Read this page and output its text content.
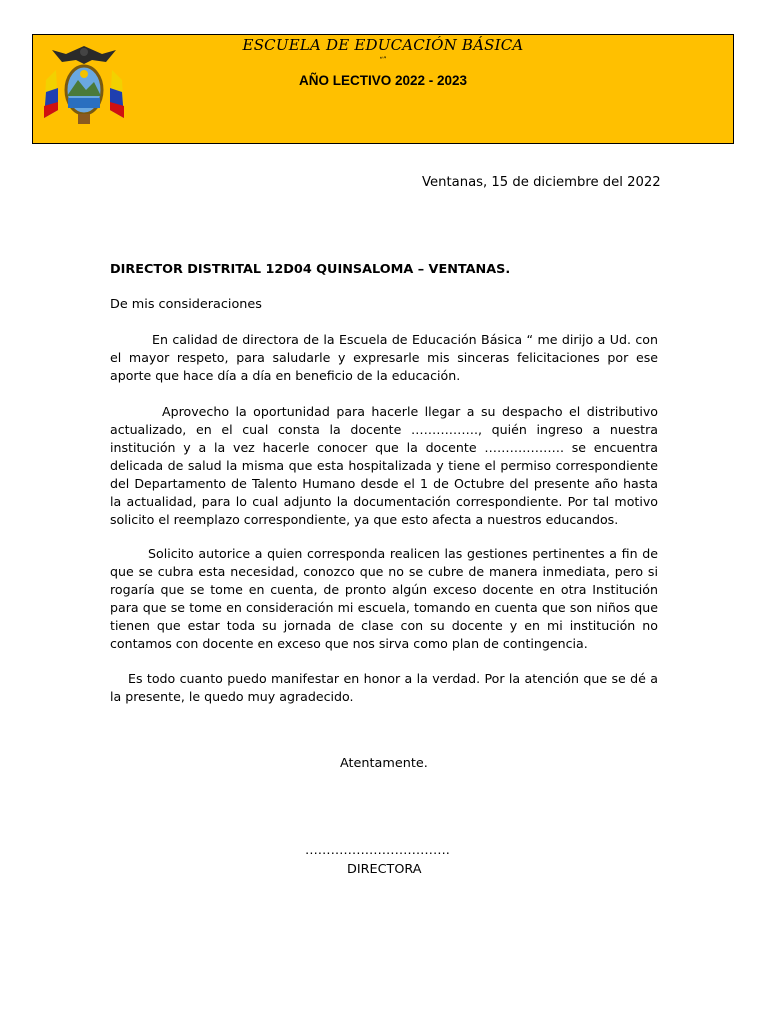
ESCUELA DE EDUCACIÓN BÁSICA
“”
AÑO LECTIVO 2022 - 2023
Ventanas, 15 de diciembre del 2022
DIRECTOR DISTRITAL 12D04 QUINSALOMA – VENTANAS.
De mis consideraciones

En calidad de directora de la Escuela de Educación Básica “ me dirijo a Ud. con el mayor respeto, para saludarle y expresarle mis sinceras felicitaciones por ese aporte que hace día a día en beneficio de la educación.

Aprovecho la oportunidad para hacerle llegar a su despacho el distributivo actualizado, en el cual consta la docente ……………., quién ingreso a nuestra institución y a la vez hacerle conocer que la docente ………………. se encuentra delicada de salud la misma que esta hospitalizada y tiene el permiso correspondiente del Departamento de Talento Humano desde el 1 de Octubre del presente año hasta la actualidad, para lo cual adjunto la documentación correspondiente. Por tal motivo solicito el reemplazo correspondiente, ya que esto afecta a nuestros educandos.

Solicito autorice a quien corresponda realicen las gestiones pertinentes a fin de que se cubra esta necesidad, conozco que no se cubre de manera inmediata, pero si rogaría que se tome en cuenta, de pronto algún exceso docente en otra Institución para que se tome en consideración mi escuela, tomando en cuenta que son niños que tienen que estar toda su jornada de clase con su docente y en mi institución no contamos con docente en exceso que nos sirva como plan de contingencia.

Es todo cuanto puedo manifestar en honor a la verdad. Por la atención que se dé a la presente, le quedo muy agradecido.

Atentamente.
…………………………….
DIRECTORA
